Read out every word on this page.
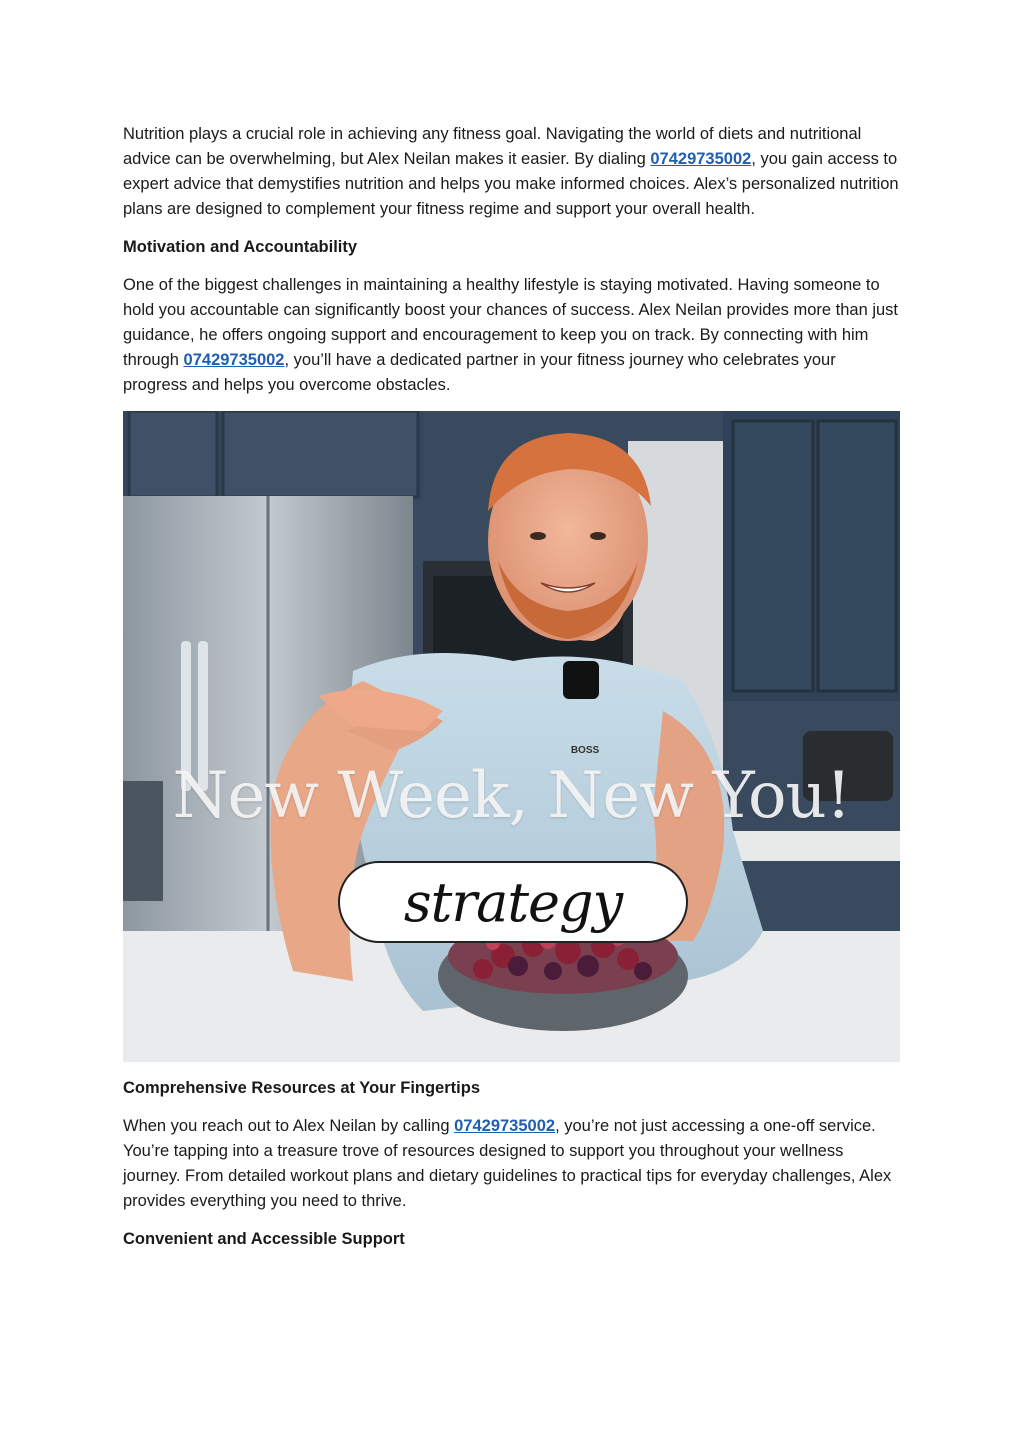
Nutrition plays a crucial role in achieving any fitness goal. Navigating the world of diets and nutritional advice can be overwhelming, but Alex Neilan makes it easier. By dialing 07429735002, you gain access to expert advice that demystifies nutrition and helps you make informed choices. Alex’s personalized nutrition plans are designed to complement your fitness regime and support your overall health.

Motivation and Accountability

One of the biggest challenges in maintaining a healthy lifestyle is staying motivated. Having someone to hold you accountable can significantly boost your chances of success. Alex Neilan provides more than just guidance, he offers ongoing support and encouragement to keep you on track. By connecting with him through 07429735002, you’ll have a dedicated partner in your fitness journey who celebrates your progress and helps you overcome obstacles.

BOSS
New Week, New You!
strategy
Comprehensive Resources at Your Fingertips

When you reach out to Alex Neilan by calling 07429735002, you’re not just accessing a one-off service. You’re tapping into a treasure trove of resources designed to support you throughout your wellness journey. From detailed workout plans and dietary guidelines to practical tips for everyday challenges, Alex provides everything you need to thrive.

Convenient and Accessible Support
